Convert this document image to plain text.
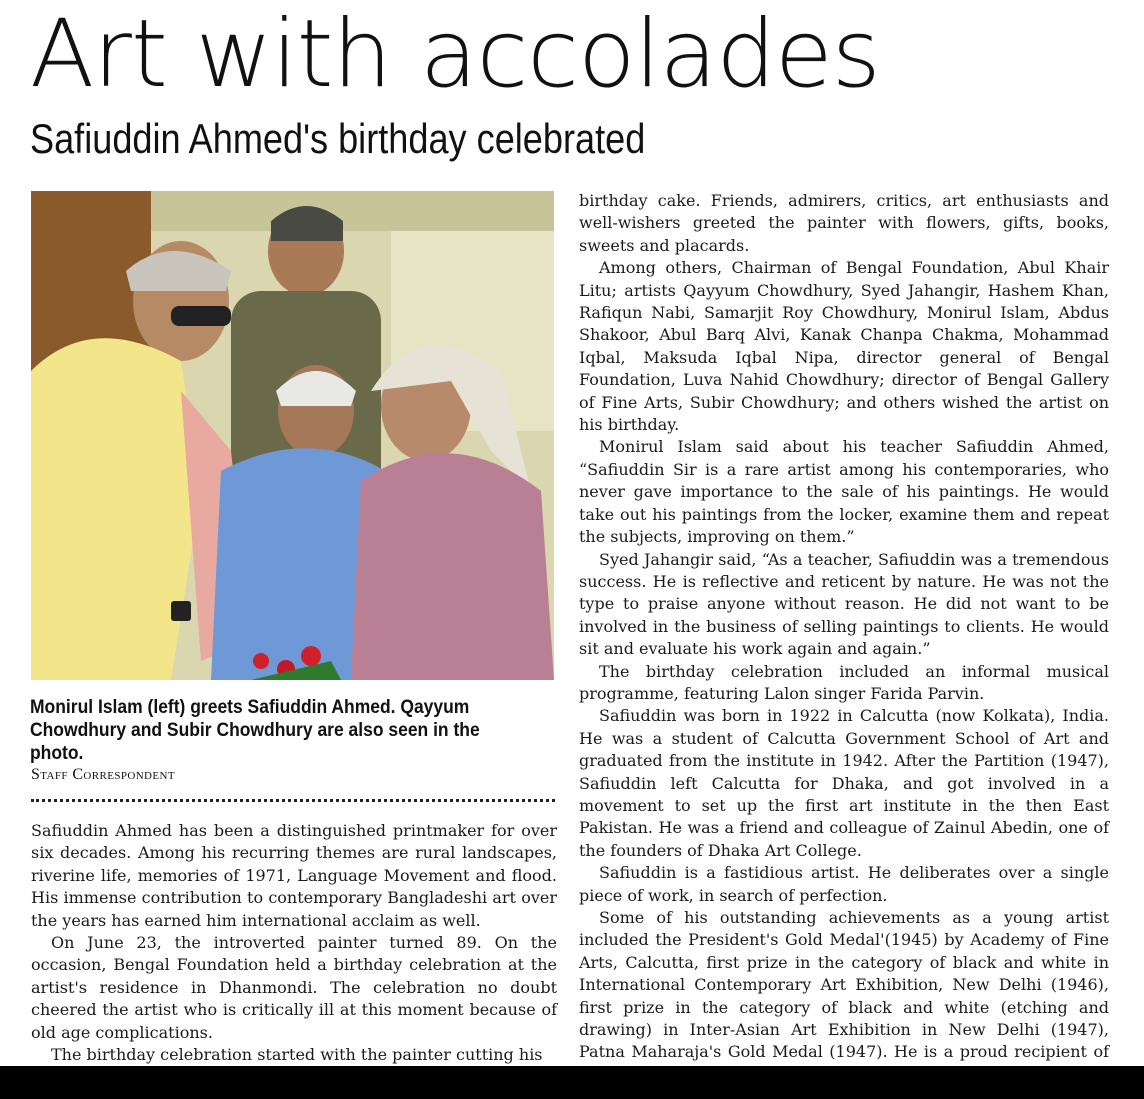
Art with accolades
Safiuddin Ahmed's birthday celebrated

Monirul Islam (left) greets Safiuddin Ahmed. Qayyum Chowdhury and Subir Chowdhury are also seen in the photo.

Staff Correspondent

Safiuddin Ahmed has been a distinguished printmaker for over six decades. Among his recurring themes are rural landscapes, riverine life, memories of 1971, Language Movement and flood. His immense contribution to contemporary Bangladeshi art over the years has earned him international acclaim as well.

On June 23, the introverted painter turned 89. On the occasion, Bengal Foundation held a birthday celebration at the artist's residence in Dhanmondi. The celebration no doubt cheered the artist who is critically ill at this moment because of old age complications.

The birthday celebration started with the painter cutting his

birthday cake. Friends, admirers, critics, art enthusiasts and well-wishers greeted the painter with flowers, gifts, books, sweets and placards.

Among others, Chairman of Bengal Foundation, Abul Khair Litu; artists Qayyum Chowdhury, Syed Jahangir, Hashem Khan, Rafiqun Nabi, Samarjit Roy Chowdhury, Monirul Islam, Abdus Shakoor, Abul Barq Alvi, Kanak Chanpa Chakma, Mohammad Iqbal, Maksuda Iqbal Nipa, director general of Bengal Foundation, Luva Nahid Chowdhury; director of Bengal Gallery of Fine Arts, Subir Chowdhury; and others wished the artist on his birthday.

Monirul Islam said about his teacher Safiuddin Ahmed, “Safiuddin Sir is a rare artist among his contemporaries, who never gave importance to the sale of his paintings. He would take out his paintings from the locker, examine them and repeat the subjects, improving on them.”

Syed Jahangir said, “As a teacher, Safiuddin was a tremendous success. He is reflective and reticent by nature. He was not the type to praise anyone without reason. He did not want to be involved in the business of selling paintings to clients. He would sit and evaluate his work again and again.”

The birthday celebration included an informal musical programme, featuring Lalon singer Farida Parvin.

Safiuddin was born in 1922 in Calcutta (now Kolkata), India. He was a student of Calcutta Government School of Art and graduated from the institute in 1942. After the Partition (1947), Safiuddin left Calcutta for Dhaka, and got involved in a movement to set up the first art institute in the then East Pakistan. He was a friend and colleague of Zainul Abedin, one of the founders of Dhaka Art College.

Safiuddin is a fastidious artist. He deliberates over a single piece of work, in search of perfection.

Some of his outstanding achievements as a young artist included the President's Gold Medal'(1945) by Academy of Fine Arts, Calcutta, first prize in the category of black and white in International Contemporary Art Exhibition, New Delhi (1946), first prize in the category of black and white (etching and drawing) in Inter-Asian Art Exhibition in New Delhi (1947), Patna Maharaja's Gold Medal (1947). He is a proud recipient of
